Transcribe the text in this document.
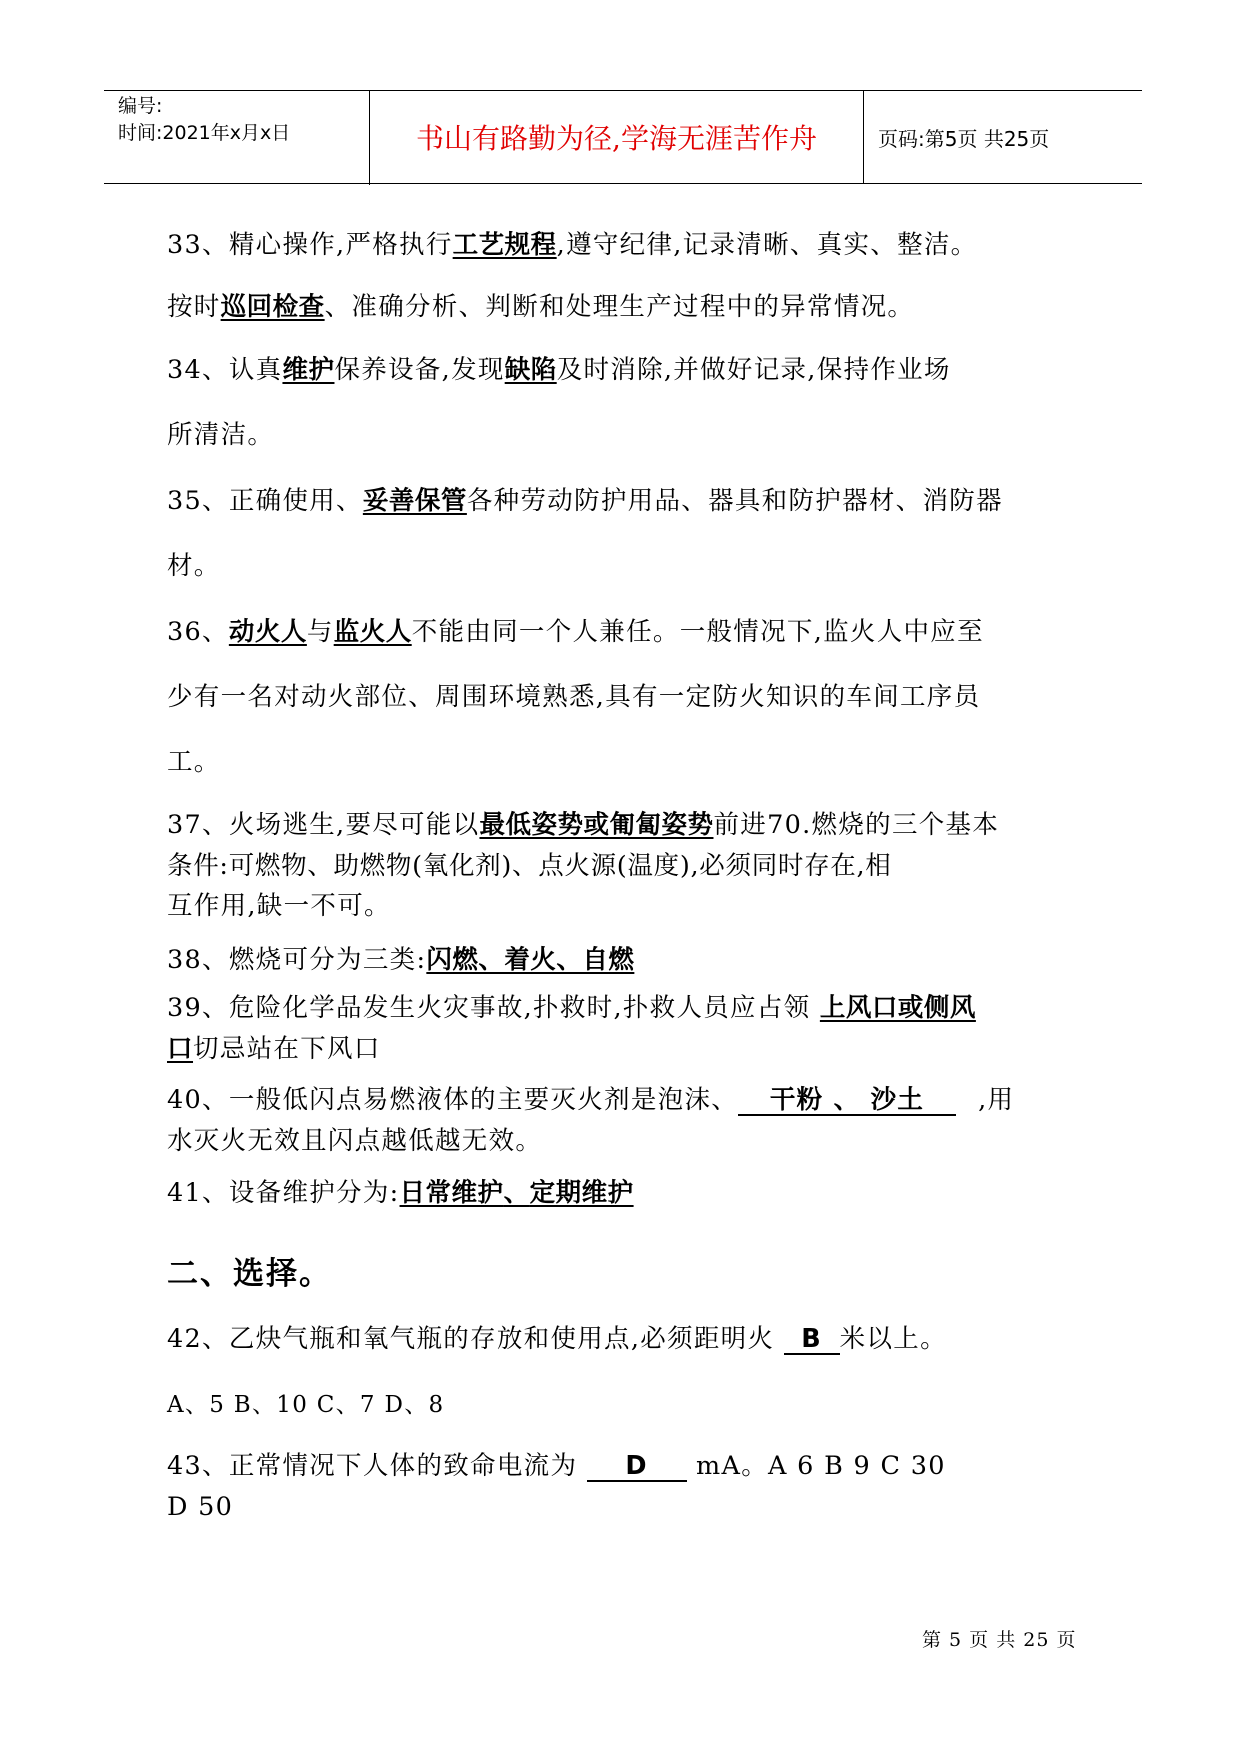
编号:
时间:2021年x月x日	书山有路勤为径,学海无涯苦作舟	页码:第5页 共25页
33、精心操作,严格执行工艺规程,遵守纪律,记录清晰、真实、整洁。
按时巡回检查、准确分析、判断和处理生产过程中的异常情况。
34、认真维护保养设备,发现缺陷及时消除,并做好记录,保持作业场
所清洁。
35、正确使用、妥善保管各种劳动防护用品、器具和防护器材、消防器
材。
36、动火人与监火人不能由同一个人兼任。一般情况下,监火人中应至
少有一名对动火部位、周围环境熟悉,具有一定防火知识的车间工序员
工。
37、火场逃生,要尽可能以最低姿势或匍匐姿势前进70.燃烧的三个基本
条件:可燃物、助燃物(氧化剂)、点火源(温度),必须同时存在,相
互作用,缺一不可。
38、燃烧可分为三类:闪燃、着火、自燃
39、危险化学品发生火灾事故,扑救时,扑救人员应占领 上风口或侧风
口切忌站在下风口
40、一般低闪点易燃液体的主要灭火剂是泡沫、 干粉 、 沙土 ,用
水灭火无效且闪点越低越无效。
41、设备维护分为:日常维护、定期维护
二、选择。
42、乙炔气瓶和氧气瓶的存放和使用点,必须距明火 B 米以上。
A、5 B、10 C、7 D、8
43、正常情况下人体的致命电流为 D mA。A 6 B 9 C 30
D 50
第 5 页 共 25 页
